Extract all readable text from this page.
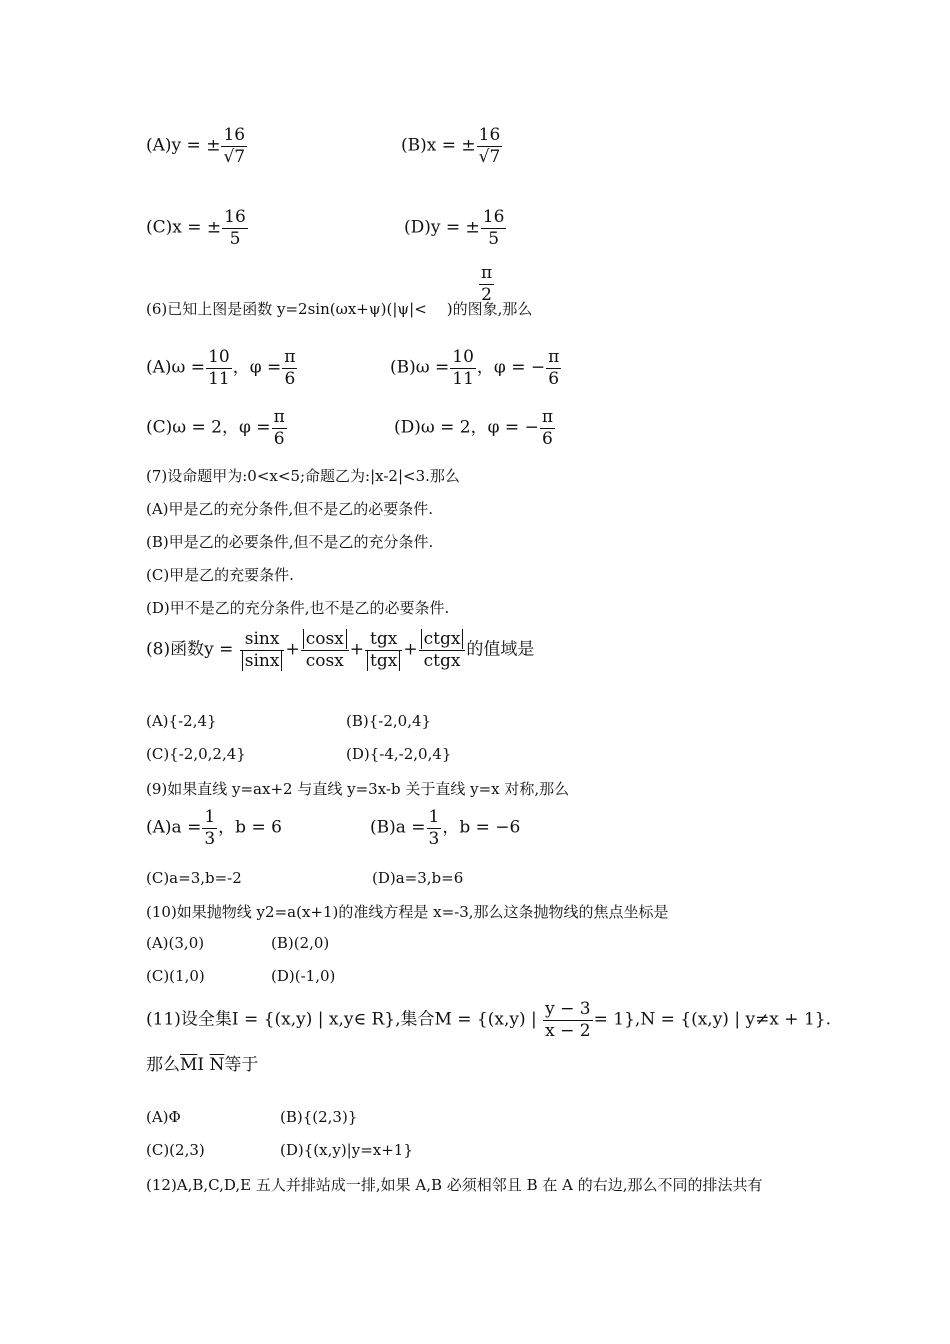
(A)y = ± $\frac{16}{√7}$	(B)x = ± $\frac{16}{√7}$
(C)x = ± $\frac{16}{5}$	(D)y = ± $\frac{16}{5}$
$\frac{\pi}{2}$
(6)已知上图是函数 y=2sin(ωx+ψ)(|ψ|< )的图象,那么
$(A)\omega = \frac{10}{11}$ ，$\varphi = \frac{\pi}{6}$	$(B)\omega = \frac{10}{11}$ ，φ = − $\frac{\pi}{6}$
(C)ω = 2，$\varphi = \frac{\pi}{6}$	(D)ω = 2，φ = − $\frac{\pi}{6}$
(7)设命题甲为:0<x<5;命题乙为:|x-2|<3.那么
(A)甲是乙的充分条件,但不是乙的必要条件.
(B)甲是乙的必要条件,但不是乙的充分条件.
(C)甲是乙的充要条件.
(D)甲不是乙的充分条件,也不是乙的必要条件.
(8)函数$y = \frac{\sin x}{\sin x} + \frac{\cos x}{\cos x} + \frac{\text{tgx}}{\text{tgx}} + \frac{\text{ctgx}}{\text{ctgx}}$ 的值域是
(A){-2,4}	(B){-2,0,4}
(C){-2,0,2,4}	(D){-4,-2,0,4}
(9)如果直线 y=ax+2 与直线 y=3x-b 关于直线 y=x 对称,那么
$(A)a = \frac{1}{3}$ ，b = 6	$(B)a = \frac{1}{3}$ ，b = −6
(C)a=3,b=-2	(D)a=3,b=6
(10)如果抛物线 y2=a(x+1)的准线方程是 x=-3,那么这条抛物线的焦点坐标是
(A)(3,0)	(B)(2,0)
(C)(1,0)	(D)(-1,0)
(11)设全集I = {(x,y) | x,y∈ R},集合M = {(x,y) | $\frac{y - 3}{x - 2} = 1\},N = \{(x,y)$ | y≠x + 1}.
那么$\overline{M}I$ $\overline{N}$等于
(A)Φ	(B){(2,3)}
(C)(2,3)	(D){(x,y)|y=x+1}
(12)A,B,C,D,E 五人并排站成一排,如果 A,B 必须相邻且 B 在 A 的右边,那么不同的排法共有
